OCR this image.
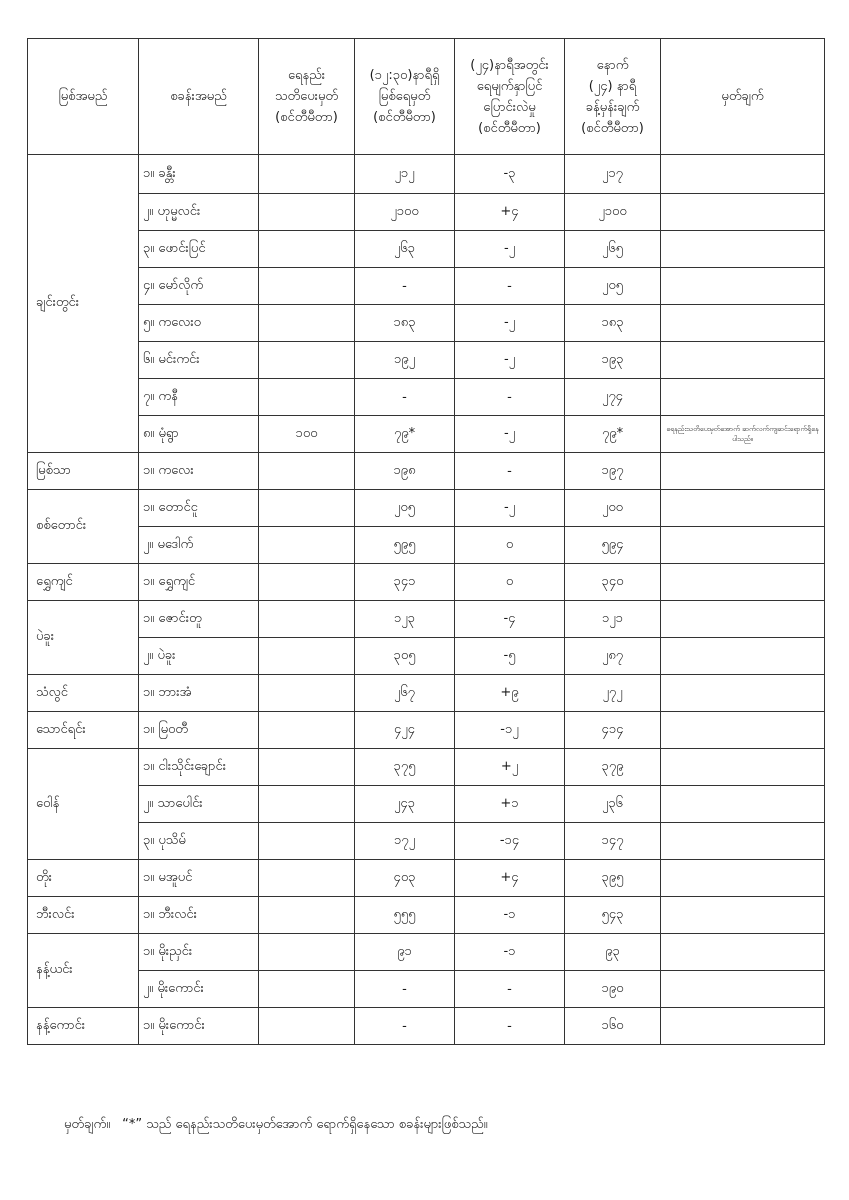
မြစ်အမည်	စခန်းအမည်	ရေနည်း
သတိပေးမှတ်
(စင်တီမီတာ)	(၁၂:၃၀)နာရီရှိ
မြစ်ရေမှတ်
(စင်တီမီတာ)	(၂၄)နာရီအတွင်း
ရေမျက်နှာပြင်
ပြောင်းလဲမှု
(စင်တီမီတာ)	နောက်
(၂၄) နာရီ
ခန့်မှန်းချက်
(စင်တီမီတာ)	မှတ်ချက်
ချင်းတွင်း	၁။ ခန္တီး		၂၁၂	-၃	၂၁၇	
	၂။ ဟုမ္မလင်း		၂၁၀၀	+၄	၂၁၀၀	
	၃။ ဖောင်းပြင်		၂၆၃	-၂	၂၆၅	
	၄။ မော်လိုက်		-	-	၂၀၅	
	၅။ ကလေးဝ		၁၈၃	-၂	၁၈၃	
	၆။ မင်းကင်း		၁၉၂	-၂	၁၉၃	
	၇။ ကနီ		-	-	၂၇၄	
	၈။ မုံရွာ	၁၀၀	၇၉*	-၂	၇၉*	ရေနည်းသတိပေးမှတ်အောက် ဆက်လက်ကျဆင်းရောက်ရှိနေပါသည်။
မြစ်သာ	၁။ ကလေး		၁၉၈	-	၁၉၇	
စစ်တောင်း	၁။ တောင်ငူ		၂၀၅	-၂	၂၀၀	
	၂။ မဒေါက်		၅၉၅	၀	၅၉၄	
ရွှေကျင်	၁။ ရွှေကျင်		၃၄၁	၀	၃၄၀	
ပဲခူး	၁။ ဇောင်းတူ		၁၂၃	-၄	၁၂၁	
	၂။ ပဲခူး		၃၀၅	-၅	၂၈၇	
သံလွင်	၁။ ဘားအံ		၂၆၇	+၉	၂၇၂	
သောင်ရင်း	၁။ မြဝတီ		၄၂၄	-၁၂	၄၁၄	
ဝေါန်	၁။ ငါးသိုင်းချောင်း		၃၇၅	+၂	၃၇၉	
	၂။ သာပေါင်း		၂၄၃	+၁	၂၃၆	
	၃။ ပုသိမ်		၁၇၂	-၁၄	၁၄၇	
တိုး	၁။ မအူပင်		၄၀၃	+၄	၃၉၅	
ဘီးလင်း	၁။ ဘီးလင်း		၅၅၅	-၁	၅၄၃	
နန့်ယင်း	၁။ မိုးညှင်း		၉၁	-၁	၉၃	
	၂။ မိုးကောင်း		-	-	၁၉၀	
နန့်ကောင်း	၁။ မိုးကောင်း		-	-	၁၆၀	
မှတ်ချက်။ “*” သည် ရေနည်းသတိပေးမှတ်အောက် ရောက်ရှိနေသော စခန်းများဖြစ်သည်။
